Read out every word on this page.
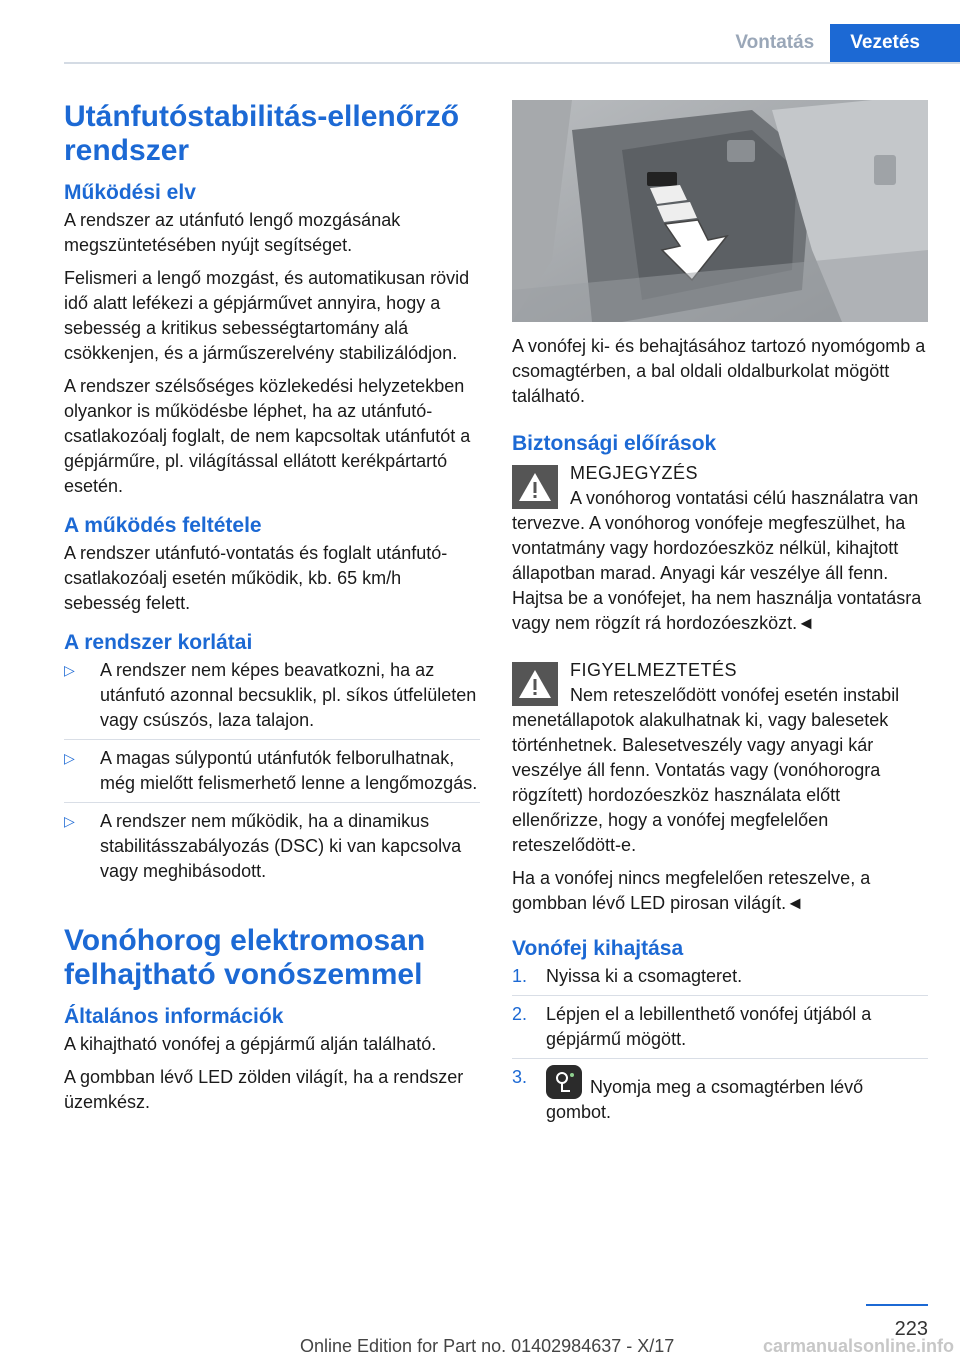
Vontatás	Vezetés
Utánfutóstabilitás-ellenőrző rendszer
Működési elv

A rendszer az utánfutó lengő mozgásának megszüntetésében nyújt segítséget.

Felismeri a lengő mozgást, és automatikusan rövid idő alatt lefékezi a gépjárművet annyira, hogy a sebesség a kritikus sebességtartomány alá csökkenjen, és a járműszerelvény stabilizálódjon.

A rendszer szélsőséges közlekedési helyzetekben olyankor is működésbe léphet, ha az utánfutó-csatlakozóalj foglalt, de nem kapcsoltak utánfutót a gépjárműre, pl. világítással ellátott kerékpártartó esetén.

A működés feltétele

A rendszer utánfutó-vontatás és foglalt utánfutó-csatlakozóalj esetén működik, kb. 65 km/h sebesség felett.

A rendszer korlátai
▷ A rendszer nem képes beavatkozni, ha az utánfutó azonnal becsuklik, pl. síkos útfelületen vagy csúszós, laza talajon.
▷ A magas súlypontú utánfutók felborulhatnak, még mielőtt felismerhető lenne a lengőmozgás.
▷ A rendszer nem működik, ha a dinamikus stabilitásszabályozás (DSC) ki van kapcsolva vagy meghibásodott.
Vonóhorog elektromosan felhajtható vonószemmel
Általános információk

A kihajtható vonófej a gépjármű alján található.

A gombban lévő LED zölden világít, ha a rendszer üzemkész.

A vonófej ki- és behajtásához tartozó nyomógomb a csomagtérben, a bal oldali oldalburkolat mögött található.

Biztonsági előírások
MEGJEGYZÉS

A vonóhorog vontatási célú használatra van tervezve. A vonóhorog vonófeje megfeszülhet, ha vontatmány vagy hordozóeszköz nélkül, kihajtott állapotban marad. Anyagi kár veszélye áll fenn. Hajtsa be a vonófejet, ha nem használja vontatásra vagy nem rögzít rá hordozóeszközt.◄

FIGYELMEZTETÉS

Nem reteszelődött vonófej esetén instabil menetállapotok alakulhatnak ki, vagy balesetek történhetnek. Balesetveszély vagy anyagi kár veszélye áll fenn. Vontatás vagy (vonóhorogra rögzített) hordozóeszköz használata előtt ellenőrizze, hogy a vonófej megfelelően reteszelődött-e.

Ha a vonófej nincs megfelelően reteszelve, a gombban lévő LED pirosan világít.◄

Vonófej kihajtása
1. Nyissa ki a csomagteret.
2. Lépjen el a lebillenthető vonófej útjából a gépjármű mögött.
3.	Nyomja meg a csomagtérben lévő gombot.
223
Online Edition for Part no. 01402984637 - X/17	carmanualsonline.info
